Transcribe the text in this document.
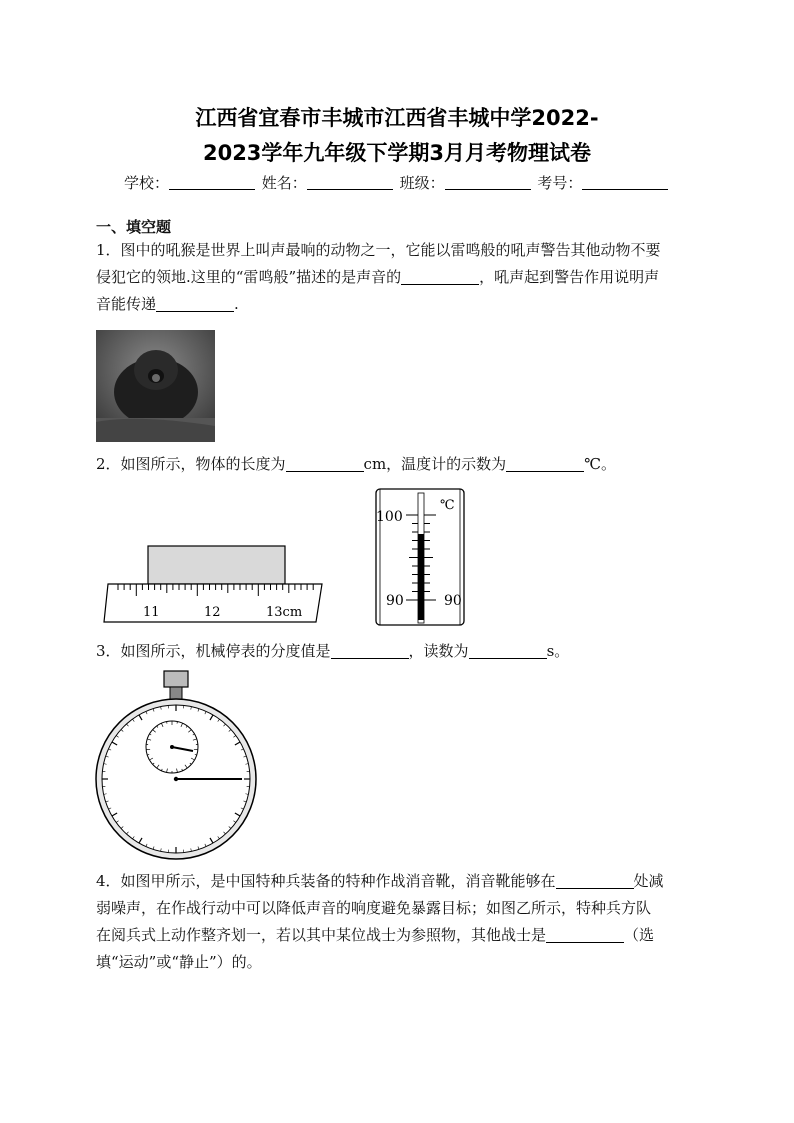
江西省宜春市丰城市江西省丰城中学2022-
2023学年九年级下学期3月月考物理试卷
学校：	姓名：	班级：	考号：
一、填空题
1．图中的吼猴是世界上叫声最响的动物之一，它能以雷鸣般的吼声警告其他动物不要
侵犯它的领地.这里的“雷鸣般”描述的是声音的	，吼声起到警告作用说明声
音能传递	.
2．如图所示，物体的长度为	cm，温度计的示数为	℃。
11	12	13cm
100
90	90
℃
3．如图所示，机械停表的分度值是	，读数为	s。
4．如图甲所示，是中国特种兵装备的特种作战消音靴，消音靴能够在	处减
弱噪声，在作战行动中可以降低声音的响度避免暴露目标；如图乙所示，特种兵方队
在阅兵式上动作整齐划一，若以其中某位战士为参照物，其他战士是	（选
填“运动”或“静止”）的。
